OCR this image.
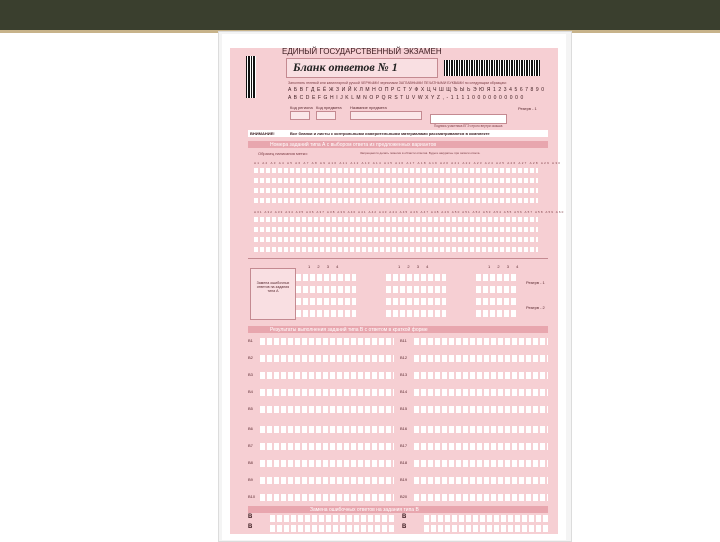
ЕДИНЫЙ ГОСУДАРСТВЕННЫЙ ЭКЗАМЕН
Бланк ответов № 1
Заполнять гелевой или капиллярной ручкой ЧЕРНЫМИ чернилами ЗАГЛАВНЫМИ ПЕЧАТНЫМИ БУКВАМИ по следующим образцам:
А Б В Г Д Е Ё Ж З И Й К Л М Н О П Р С Т У Ф Х Ц Ч Ш Щ Ъ Ы Ь Э Ю Я 1 2 3 4 5 6 7 8 9 0
A B C D E F G H I J K L M N O P Q R S T U V W X Y Z , - 1 1 1 1 0 0 0 0 0 0 0 0 0 0
Код региона Код предмета Название предмета	Резерв - 1
Подпись участника ЕГЭ строго внутри окошка
ВНИМАНИЕ!	Все бланки и листы с контрольными измерительными материалами рассматриваются в комплекте
Номера заданий типа А с выбором ответа из предложенных вариантов
Образец написания метки:	Запрещается делать пометки в области ответов. Будьте аккуратны при записи ответа.
A1 A2 A3 A4 A5 A6 A7 A8 A9 A10 A11 A12 A13 A14 A15 A16 A17 A18 A19 A20 A21 A22 A23 A24 A25 A26 A27 A28 A29 A30
A31 A32 A33 A34 A35 A36 A37 A38 A39 A40 A41 A42 A43 A44 A45 A46 A47 A48 A49 A50 A51 A52 A53 A54 A55 A56 A57 A58 A59 A60
Замена ошибочных ответов на задания типа А
1 2 3 4	1 2 3 4	1 2 3 4
Резерв - 1
Резерв - 2
Результаты выполнения заданий типа В с ответом в краткой форме
B1
B2
B3
B4
B5
B6
B7
B8
B9
B10
B11
B12
B13
B14
B15
B16
B17
B18
B19
B20
Замена ошибочных ответов на задания типа В
В
В
В
В
